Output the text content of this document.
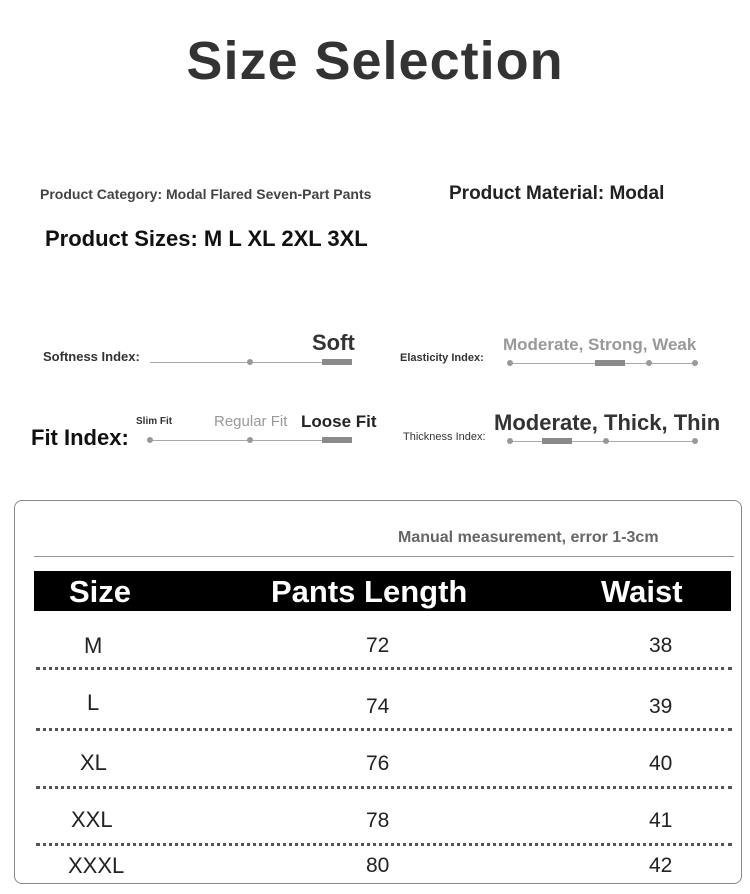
Size Selection
Product Category: Modal Flared Seven-Part Pants	Product Material: Modal
Product Sizes: M L XL 2XL 3XL
Softness Index:
Soft
Elasticity Index:
Moderate, Strong, Weak
Fit Index:
Slim Fit	Regular Fit Loose Fit
Thickness Index:
Moderate, Thick, Thin
Manual measurement, error 1-3cm
Size	Pants Length	Waist
M	72	38
L	74	39
XL	76	40
XXL	78	41
XXXL	80	42
